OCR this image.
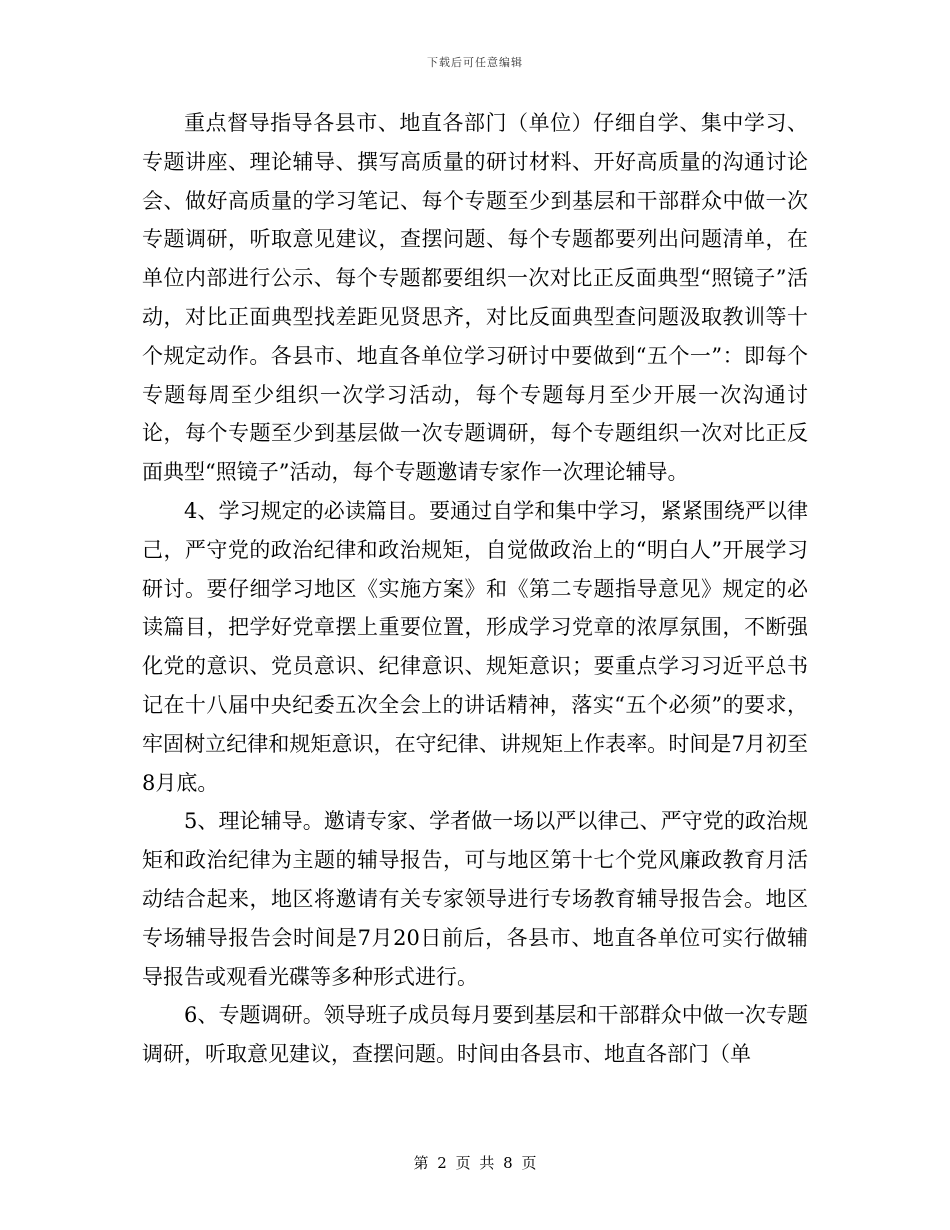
下载后可任意编辑

重点督导指导各县市、地直各部门（单位）仔细自学、集中学习、专题讲座、理论辅导、撰写高质量的研讨材料、开好高质量的沟通讨论会、做好高质量的学习笔记、每个专题至少到基层和干部群众中做一次专题调研，听取意见建议，查摆问题、每个专题都要列出问题清单，在单位内部进行公示、每个专题都要组织一次对比正反面典型“照镜子”活动，对比正面典型找差距见贤思齐，对比反面典型查问题汲取教训等十个规定动作。各县市、地直各单位学习研讨中要做到“五个一”：即每个专题每周至少组织一次学习活动，每个专题每月至少开展一次沟通讨论，每个专题至少到基层做一次专题调研，每个专题组织一次对比正反面典型“照镜子”活动，每个专题邀请专家作一次理论辅导。

4、学习规定的必读篇目。要通过自学和集中学习，紧紧围绕严以律己，严守党的政治纪律和政治规矩，自觉做政治上的“明白人”开展学习研讨。要仔细学习地区《实施方案》和《第二专题指导意见》规定的必读篇目，把学好党章摆上重要位置，形成学习党章的浓厚氛围，不断强化党的意识、党员意识、纪律意识、规矩意识；要重点学习习近平总书记在十八届中央纪委五次全会上的讲话精神，落实“五个必须”的要求，牢固树立纪律和规矩意识，在守纪律、讲规矩上作表率。时间是7月初至8月底。

5、理论辅导。邀请专家、学者做一场以严以律己、严守党的政治规矩和政治纪律为主题的辅导报告，可与地区第十七个党风廉政教育月活动结合起来，地区将邀请有关专家领导进行专场教育辅导报告会。地区专场辅导报告会时间是7月20日前后，各县市、地直各单位可实行做辅导报告或观看光碟等多种形式进行。

6、专题调研。领导班子成员每月要到基层和干部群众中做一次专题调研，听取意见建议，查摆问题。时间由各县市、地直各部门（单

第 2 页 共 8 页
